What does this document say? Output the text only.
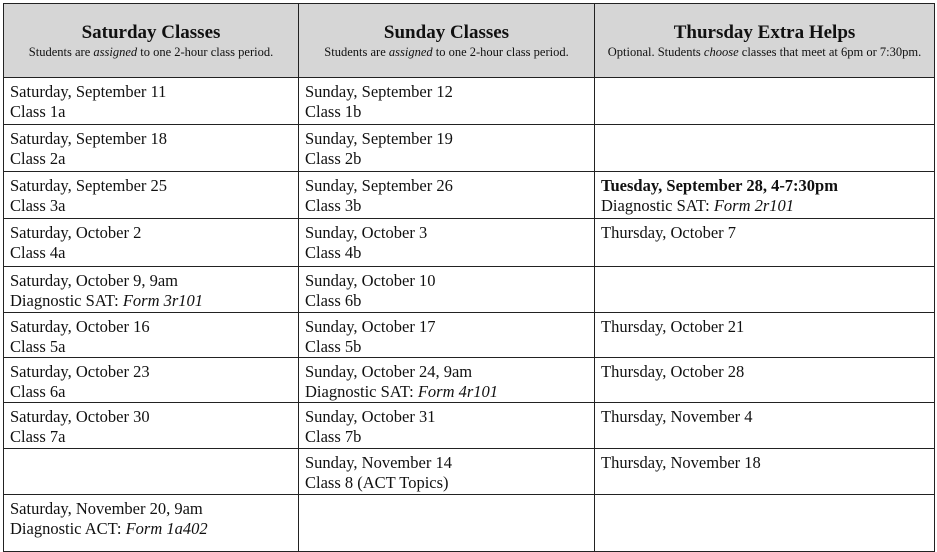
Saturday Classes
Students are assigned to one 2-hour class period.	Sunday Classes
Students are assigned to one 2-hour class period.	Thursday Extra Helps
Optional. Students choose classes that meet at 6pm or 7:30pm.

Saturday, September 11
Class 1a	Sunday, September 12
Class 1b	

Saturday, September 18
Class 2a	Sunday, September 19
Class 2b	

Saturday, September 25
Class 3a	Sunday, September 26
Class 3b	Tuesday, September 28, 4-7:30pm
Diagnostic SAT: Form 2r101

Saturday, October 2
Class 4a	Sunday, October 3
Class 4b	Thursday, October 7

Saturday, October 9, 9am
Diagnostic SAT: Form 3r101	Sunday, October 10
Class 6b	

Saturday, October 16
Class 5a	Sunday, October 17
Class 5b	Thursday, October 21

Saturday, October 23
Class 6a	Sunday, October 24, 9am
Diagnostic SAT: Form 4r101	Thursday, October 28

Saturday, October 30
Class 7a	Sunday, October 31
Class 7b	Thursday, November 4

	Sunday, November 14
Class 8 (ACT Topics)	Thursday, November 18

Saturday, November 20, 9am
Diagnostic ACT: Form 1a402		
